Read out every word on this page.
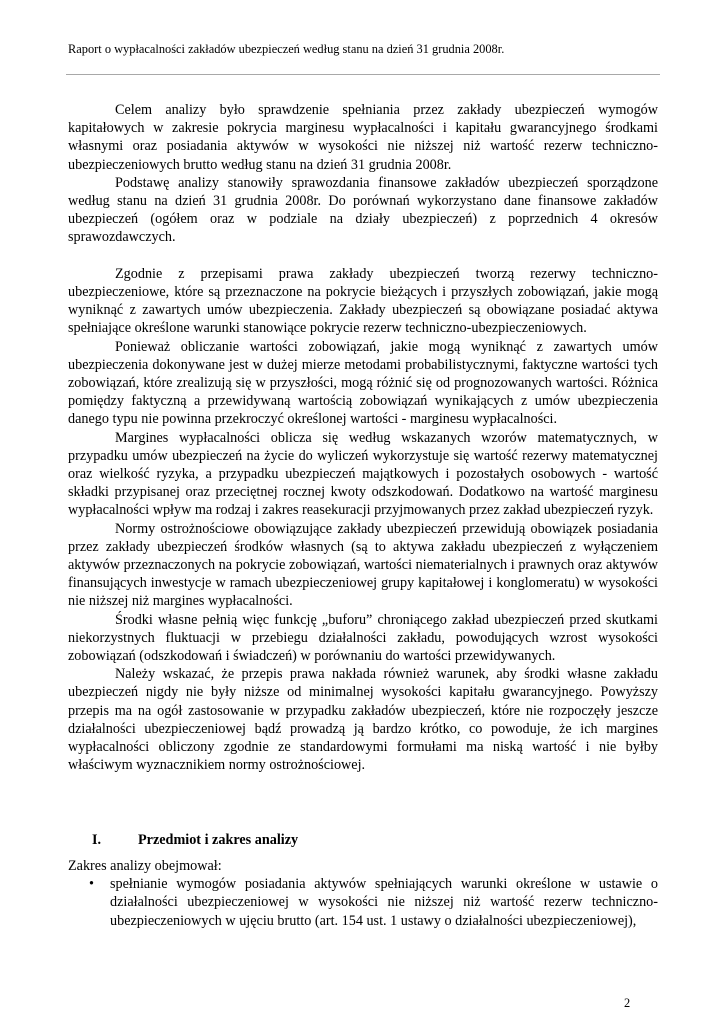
Raport o wypłacalności zakładów ubezpieczeń według stanu na dzień 31 grudnia 2008r.

Celem analizy było sprawdzenie spełniania przez zakłady ubezpieczeń wymogów kapitałowych w zakresie pokrycia marginesu wypłacalności i kapitału gwarancyjnego środkami własnymi oraz posiadania aktywów w wysokości nie niższej niż wartość rezerw techniczno-ubezpieczeniowych brutto według stanu na dzień 31 grudnia 2008r.

Podstawę analizy stanowiły sprawozdania finansowe zakładów ubezpieczeń sporządzone według stanu na dzień 31 grudnia 2008r. Do porównań wykorzystano dane finansowe zakładów ubezpieczeń (ogółem oraz w podziale na działy ubezpieczeń) z poprzednich 4 okresów sprawozdawczych.

Zgodnie z przepisami prawa zakłady ubezpieczeń tworzą rezerwy techniczno-ubezpieczeniowe, które są przeznaczone na pokrycie bieżących i przyszłych zobowiązań, jakie mogą wyniknąć z zawartych umów ubezpieczenia. Zakłady ubezpieczeń są obowiązane posiadać aktywa spełniające określone warunki stanowiące pokrycie rezerw techniczno-ubezpieczeniowych.

Ponieważ obliczanie wartości zobowiązań, jakie mogą wyniknąć z zawartych umów ubezpieczenia dokonywane jest w dużej mierze metodami probabilistycznymi, faktyczne wartości tych zobowiązań, które zrealizują się w przyszłości, mogą różnić się od prognozowanych wartości. Różnica pomiędzy faktyczną a przewidywaną wartością zobowiązań wynikających z umów ubezpieczenia danego typu nie powinna przekroczyć określonej wartości - marginesu wypłacalności.

Margines wypłacalności oblicza się według wskazanych wzorów matematycznych, w przypadku umów ubezpieczeń na życie do wyliczeń wykorzystuje się wartość rezerwy matematycznej oraz wielkość ryzyka, a przypadku ubezpieczeń majątkowych i pozostałych osobowych - wartość składki przypisanej oraz przeciętnej rocznej kwoty odszkodowań. Dodatkowo na wartość marginesu wypłacalności wpływ ma rodzaj i zakres reasekuracji przyjmowanych przez zakład ubezpieczeń ryzyk.

Normy ostrożnościowe obowiązujące zakłady ubezpieczeń przewidują obowiązek posiadania przez zakłady ubezpieczeń środków własnych (są to aktywa zakładu ubezpieczeń z wyłączeniem aktywów przeznaczonych na pokrycie zobowiązań, wartości niematerialnych i prawnych oraz aktywów finansujących inwestycje w ramach ubezpieczeniowej grupy kapitałowej i konglomeratu) w wysokości nie niższej niż margines wypłacalności.

Środki własne pełnią więc funkcję „buforu” chroniącego zakład ubezpieczeń przed skutkami niekorzystnych fluktuacji w przebiegu działalności zakładu, powodujących wzrost wysokości zobowiązań (odszkodowań i świadczeń) w porównaniu do wartości przewidywanych.

Należy wskazać, że przepis prawa nakłada również warunek, aby środki własne zakładu ubezpieczeń nigdy nie były niższe od minimalnej wysokości kapitału gwarancyjnego. Powyższy przepis ma na ogół zastosowanie w przypadku zakładów ubezpieczeń, które nie rozpoczęły jeszcze działalności ubezpieczeniowej bądź prowadzą ją bardzo krótko, co powoduje, że ich margines wypłacalności obliczony zgodnie ze standardowymi formułami ma niską wartość i nie byłby właściwym wyznacznikiem normy ostrożnościowej.

I.	Przedmiot i zakres analizy

Zakres analizy obejmował:

• spełnianie wymogów posiadania aktywów spełniających warunki określone w ustawie o działalności ubezpieczeniowej w wysokości nie niższej niż wartość rezerw techniczno-ubezpieczeniowych w ujęciu brutto (art. 154 ust. 1 ustawy o działalności ubezpieczeniowej),
2
